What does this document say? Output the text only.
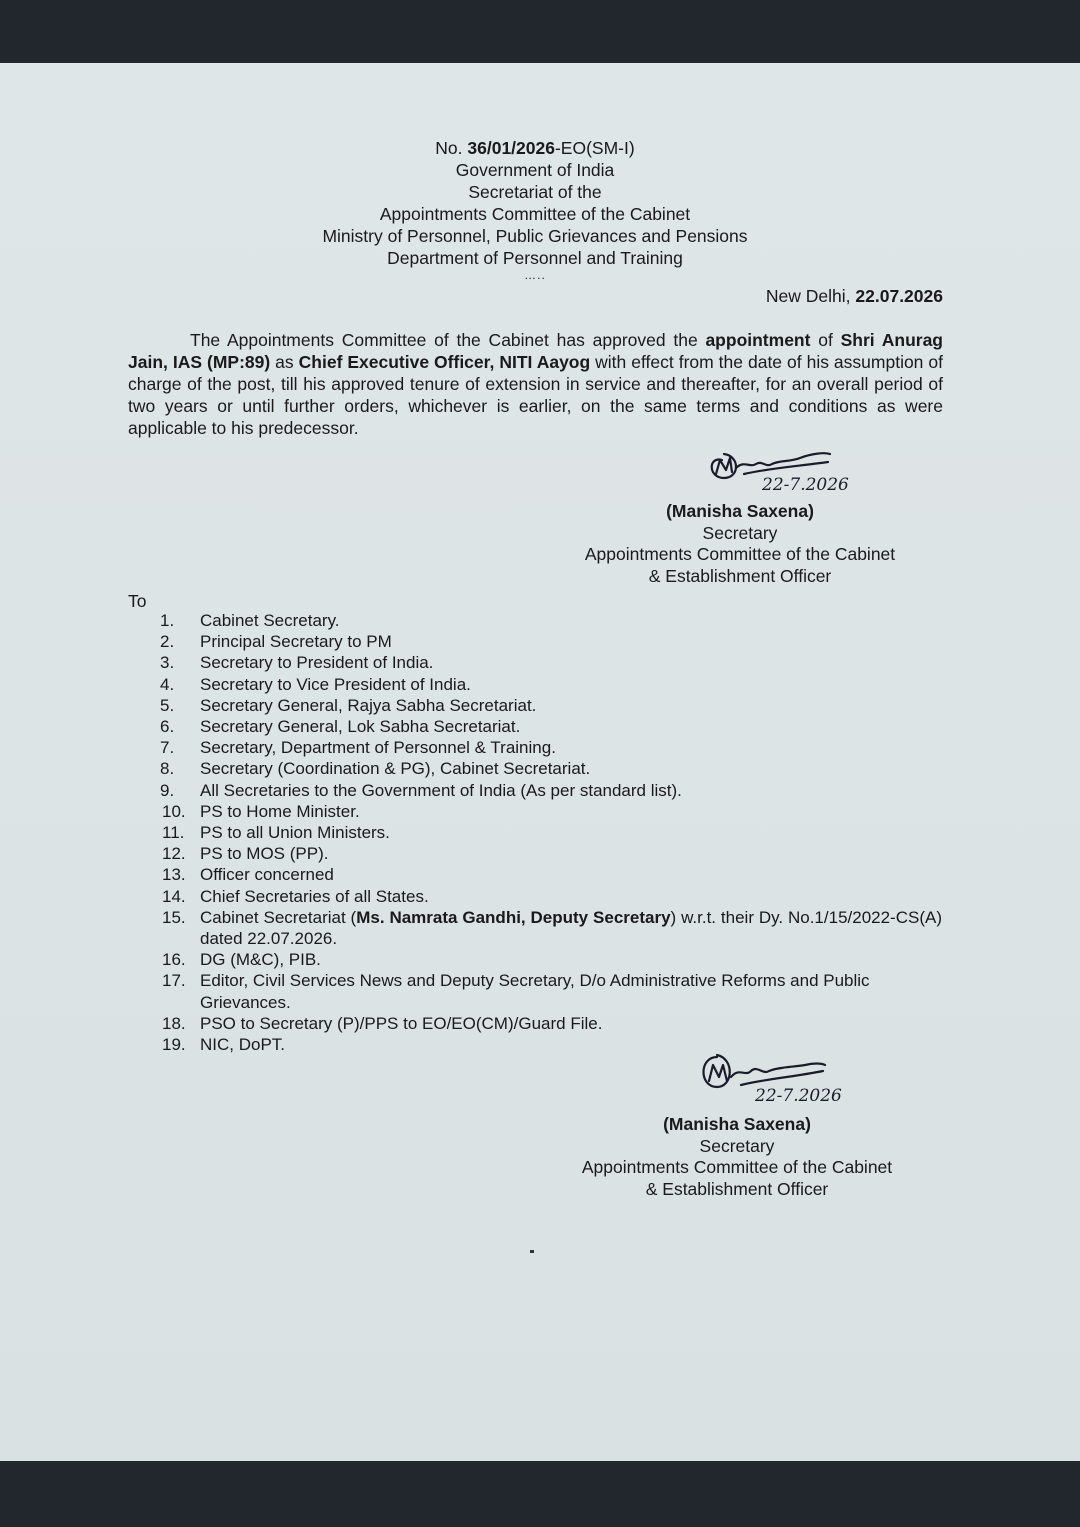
No. 36/01/2026-EO(SM-I)
Government of India
Secretariat of the
Appointments Committee of the Cabinet
Ministry of Personnel, Public Grievances and Pensions
Department of Personnel and Training
…..
New Delhi, 22.07.2026
The Appointments Committee of the Cabinet has approved the appointment of Shri Anurag Jain, IAS (MP:89) as Chief Executive Officer, NITI Aayog with effect from the date of his assumption of charge of the post, till his approved tenure of extension in service and thereafter, for an overall period of two years or until further orders, whichever is earlier, on the same terms and conditions as were applicable to his predecessor.
22-7.2026
(Manisha Saxena)
Secretary
Appointments Committee of the Cabinet
& Establishment Officer
To
1.	Cabinet Secretary.
2.	Principal Secretary to PM
3.	Secretary to President of India.
4.	Secretary to Vice President of India.
5.	Secretary General, Rajya Sabha Secretariat.
6.	Secretary General, Lok Sabha Secretariat.
7.	Secretary, Department of Personnel & Training.
8.	Secretary (Coordination & PG), Cabinet Secretariat.
9.	All Secretaries to the Government of India (As per standard list).
10. PS to Home Minister.
11. PS to all Union Ministers.
12. PS to MOS (PP).
13. Officer concerned
14. Chief Secretaries of all States.
15. Cabinet Secretariat (Ms. Namrata Gandhi, Deputy Secretary) w.r.t. their Dy. No.1/15/2022-CS(A) dated 22.07.2026.
16. DG (M&C), PIB.
17. Editor, Civil Services News and Deputy Secretary, D/o Administrative Reforms and Public Grievances.
18. PSO to Secretary (P)/PPS to EO/EO(CM)/Guard File.
19. NIC, DoPT.
22-7.2026
(Manisha Saxena)
Secretary
Appointments Committee of the Cabinet
& Establishment Officer
